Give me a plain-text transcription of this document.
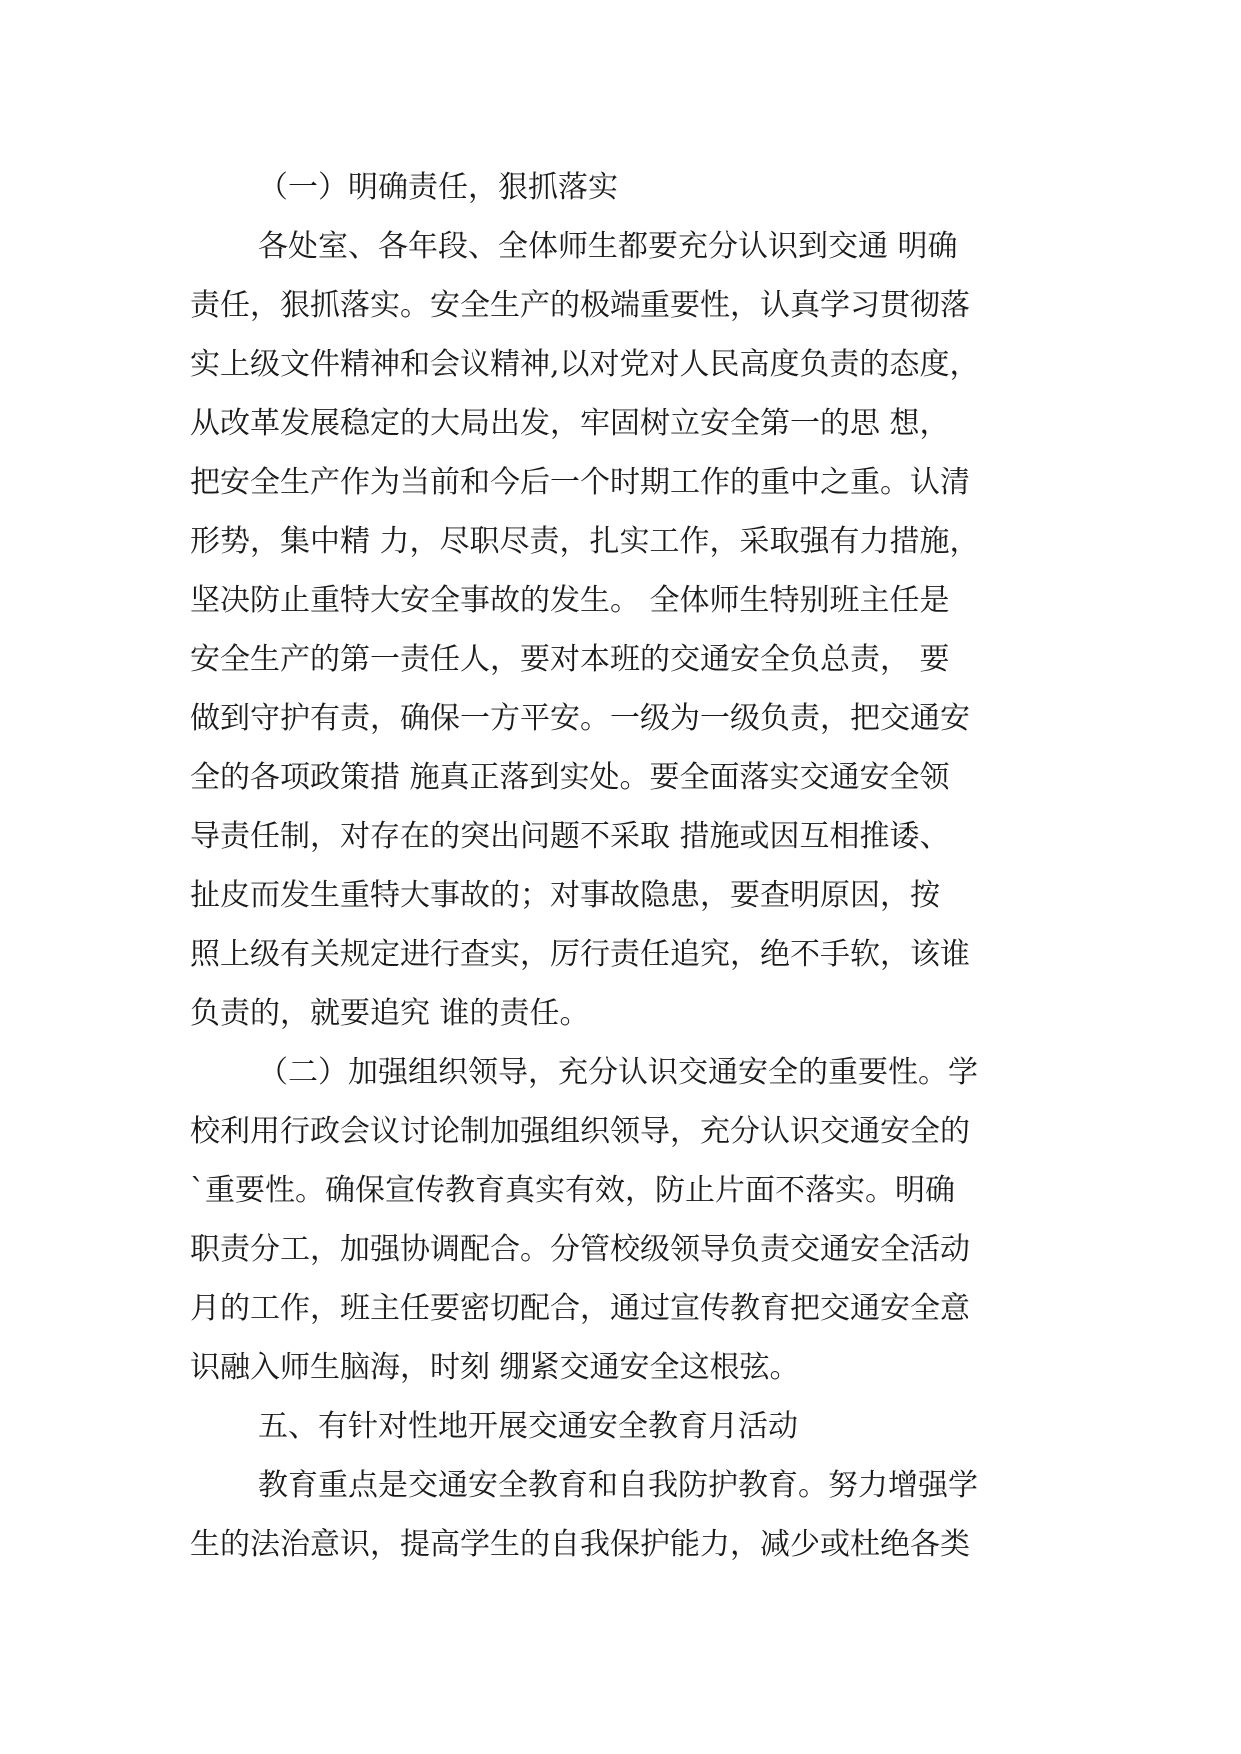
（一）明确责任，狠抓落实
各处室、各年段、全体师生都要充分认识到交通 明确
责任，狠抓落实。安全生产的极端重要性，认真学习贯彻落
实上级文件精神和会议精神,以对党对人民高度负责的态度，
从改革发展稳定的大局出发，牢固树立安全第一的思 想，
把安全生产作为当前和今后一个时期工作的重中之重。认清
形势，集中精 力，尽职尽责，扎实工作，采取强有力措施，
坚决防止重特大安全事故的发生。 全体师生特别班主任是
安全生产的第一责任人，要对本班的交通安全负总责， 要
做到守护有责，确保一方平安。一级为一级负责，把交通安
全的各项政策措 施真正落到实处。要全面落实交通安全领
导责任制，对存在的突出问题不采取 措施或因互相推诿、
扯皮而发生重特大事故的；对事故隐患，要查明原因，按
照上级有关规定进行查实，厉行责任追究，绝不手软，该谁
负责的，就要追究 谁的责任。
（二）加强组织领导，充分认识交通安全的重要性。学
校利用行政会议讨论制加强组织领导，充分认识交通安全的
`重要性。确保宣传教育真实有效，防止片面不落实。明确
职责分工，加强协调配合。分管校级领导负责交通安全活动
月的工作，班主任要密切配合，通过宣传教育把交通安全意
识融入师生脑海，时刻 绷紧交通安全这根弦。
五、有针对性地开展交通安全教育月活动
教育重点是交通安全教育和自我防护教育。努力增强学
生的法治意识，提高学生的自我保护能力，减少或杜绝各类
